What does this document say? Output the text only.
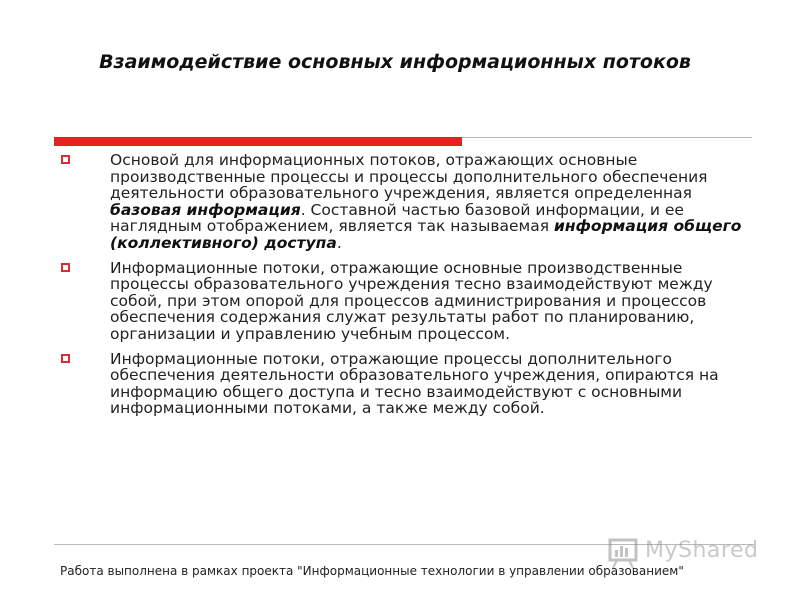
Взаимодействие основных информационных потоков
Основой для информационных потоков, отражающих основные производственные процессы и процессы дополнительного обеспечения деятельности образовательного учреждения, является определенная базовая информация. Составной частью базовой информации, и ее наглядным отображением, является так называемая информация общего (коллективного) доступа.
Информационные потоки, отражающие основные производственные процессы образовательного учреждения тесно взаимодействуют между собой, при этом опорой для процессов администрирования и процессов обеспечения содержания служат результаты работ по планированию, организации и управлению учебным процессом.
Информационные потоки, отражающие процессы дополнительного обеспечения деятельности образовательного учреждения, опираются на информацию общего доступа и тесно взаимодействуют с основными информационными потоками, а также между собой.
MyShared
Работа выполнена в рамках проекта "Информационные технологии в управлении образованием"
